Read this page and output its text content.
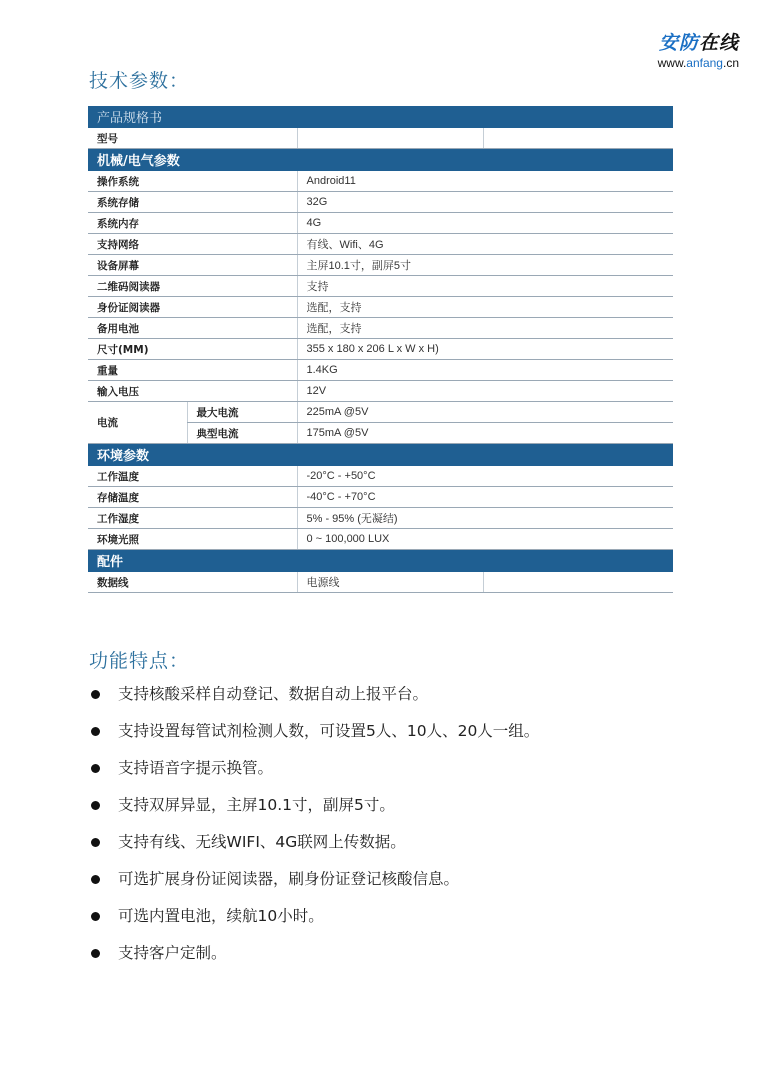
安防在线
www.anfang.cn
技术参数：
产品规格书			
型号			
机械/电气参数			
操作系统		Android11	
系统存储		32G	
系统内存		4G	
支持网络		有线、Wifi、4G	
设备屏幕		主屏10.1寸，副屏5寸	
二维码阅读器		支持	
身份证阅读器		选配，支持	
备用电池		选配，支持	
尺寸(MM)		355 x 180 x 206 L x W x H)	
重量		1.4KG	
输入电压		12V	
电流	最大电流	225mA @5V	
	典型电流	175mA @5V	
环境参数			
工作温度		-20°C - +50°C	
存储温度		-40°C - +70°C	
工作湿度		5% - 95% (无凝结)	
环境光照		0 ~ 100,000 LUX	
配件			
数据线		电源线	
功能特点：
支持核酸采样自动登记、数据自动上报平台。
支持设置每管试剂检测人数，可设置5人、10人、20人一组。
支持语音字提示换管。
支持双屏异显，主屏10.1寸，副屏5寸。
支持有线、无线WIFI、4G联网上传数据。
可选扩展身份证阅读器，刷身份证登记核酸信息。
可选内置电池，续航10小时。
支持客户定制。
